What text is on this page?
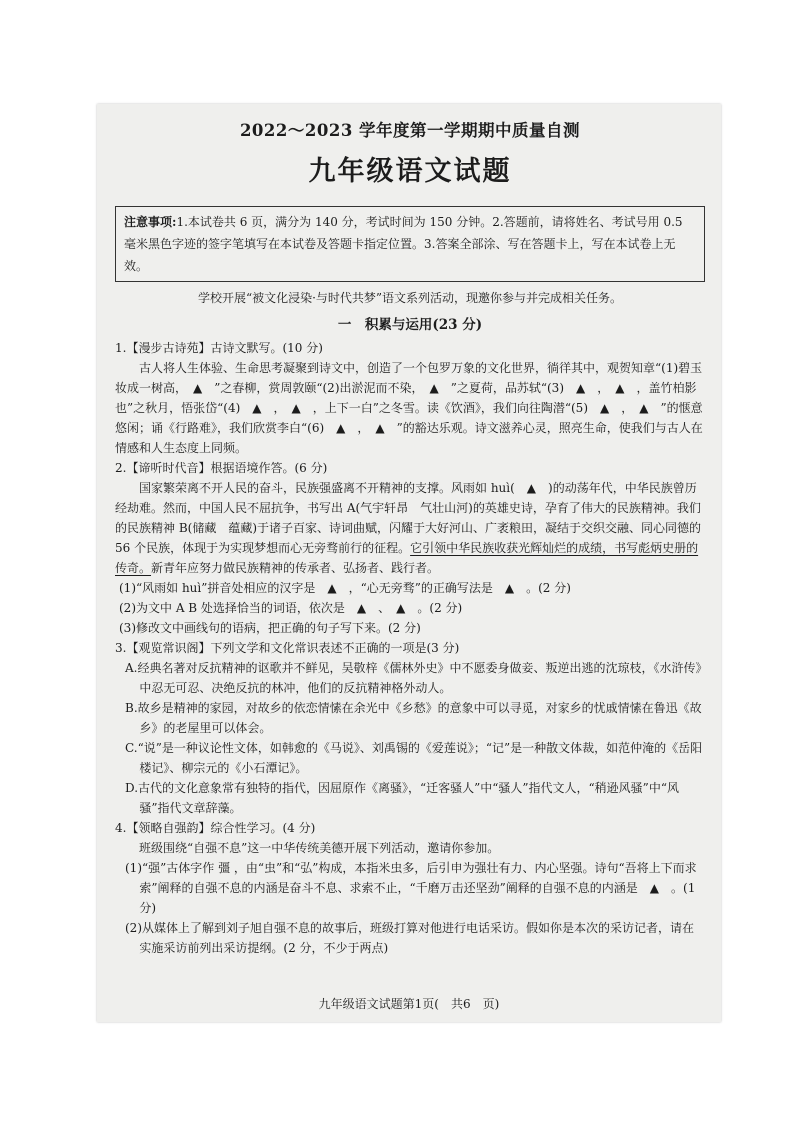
2022～2023 学年度第一学期期中质量自测
九年级语文试题
注意事项:1.本试卷共 6 页，满分为 140 分，考试时间为 150 分钟。2.答题前，请将姓名、考试号用 0.5 毫米黑色字迹的签字笔填写在本试卷及答题卡指定位置。3.答案全部涂、写在答题卡上，写在本试卷上无效。
学校开展“被文化浸染·与时代共梦”语文系列活动，现邀你参与并完成相关任务。
一　积累与运用(23 分)

1.【漫步古诗苑】古诗文默写。(10 分)

古人将人生体验、生命思考凝聚到诗文中，创造了一个包罗万象的文化世界，徜徉其中，观贺知章“(1)碧玉妆成一树高，　▲　”之春柳，赏周敦颐“(2)出淤泥而不染，　▲　”之夏荷，品苏轼“(3)　▲　，　▲　，盖竹柏影也”之秋月，悟张岱“(4)　▲　，　▲　，上下一白”之冬雪。读《饮酒》，我们向往陶潜“(5)　▲　，　▲　”的惬意悠闲；诵《行路难》，我们欣赏李白“(6)　▲　，　▲　”的豁达乐观。诗文滋养心灵，照亮生命，使我们与古人在情感和人生态度上同频。

2.【谛听时代音】根据语境作答。(6 分)

国家繁荣离不开人民的奋斗，民族强盛离不开精神的支撑。风雨如 huì(　▲　)的动荡年代，中华民族曾历经劫难。然而，中国人民不屈抗争，书写出 A(气宇轩昂　气壮山河)的英雄史诗，孕育了伟大的民族精神。我们的民族精神 B(储藏　蕴藏)于诸子百家、诗词曲赋，闪耀于大好河山、广袤粮田，凝结于交织交融、同心同德的 56 个民族，体现于为实现梦想而心无旁骛前行的征程。它引领中华民族收获光辉灿烂的成绩，书写彪炳史册的传奇。新青年应努力做民族精神的传承者、弘扬者、践行者。

(1)“风雨如 huì”拼音处相应的汉字是　▲　，“心无旁骛”的正确写法是　▲　。(2 分)

(2)为文中 A B 处选择恰当的词语，依次是　▲　、　▲　。(2 分)

(3)修改文中画线句的语病，把正确的句子写下来。(2 分)

3.【观览常识阁】下列文学和文化常识表述不正确的一项是(3 分)

A.经典名著对反抗精神的讴歌并不鲜见，吴敬梓《儒林外史》中不愿委身做妾、叛逆出逃的沈琼枝，《水浒传》中忍无可忍、决绝反抗的林冲，他们的反抗精神格外动人。

B.故乡是精神的家园，对故乡的依恋情愫在余光中《乡愁》的意象中可以寻觅，对家乡的忧戚情愫在鲁迅《故乡》的老屋里可以体会。

C.“说”是一种议论性文体，如韩愈的《马说》、刘禹锡的《爱莲说》；“记”是一种散文体裁，如范仲淹的《岳阳楼记》、柳宗元的《小石潭记》。

D.古代的文化意象常有独特的指代，因屈原作《离骚》，“迁客骚人”中“骚人”指代文人，“稍逊风骚”中“风骚”指代文章辞藻。

4.【领略自强韵】综合性学习。(4 分)

班级围绕“自强不息”这一中华传统美德开展下列活动，邀请你参加。

(1)“强”古体字作 彊 ，由“虫”和“弘”构成，本指米虫多，后引申为强壮有力、内心坚强。诗句“吾将上下而求索”阐释的自强不息的内涵是奋斗不息、求索不止，“千磨万击还坚劲”阐释的自强不息的内涵是　▲　。(1 分)

(2)从媒体上了解到刘子旭自强不息的故事后，班级打算对他进行电话采访。假如你是本次的采访记者，请在实施采访前列出采访提纲。(2 分，不少于两点)

九年级语文试题第1页(　共6　页)
